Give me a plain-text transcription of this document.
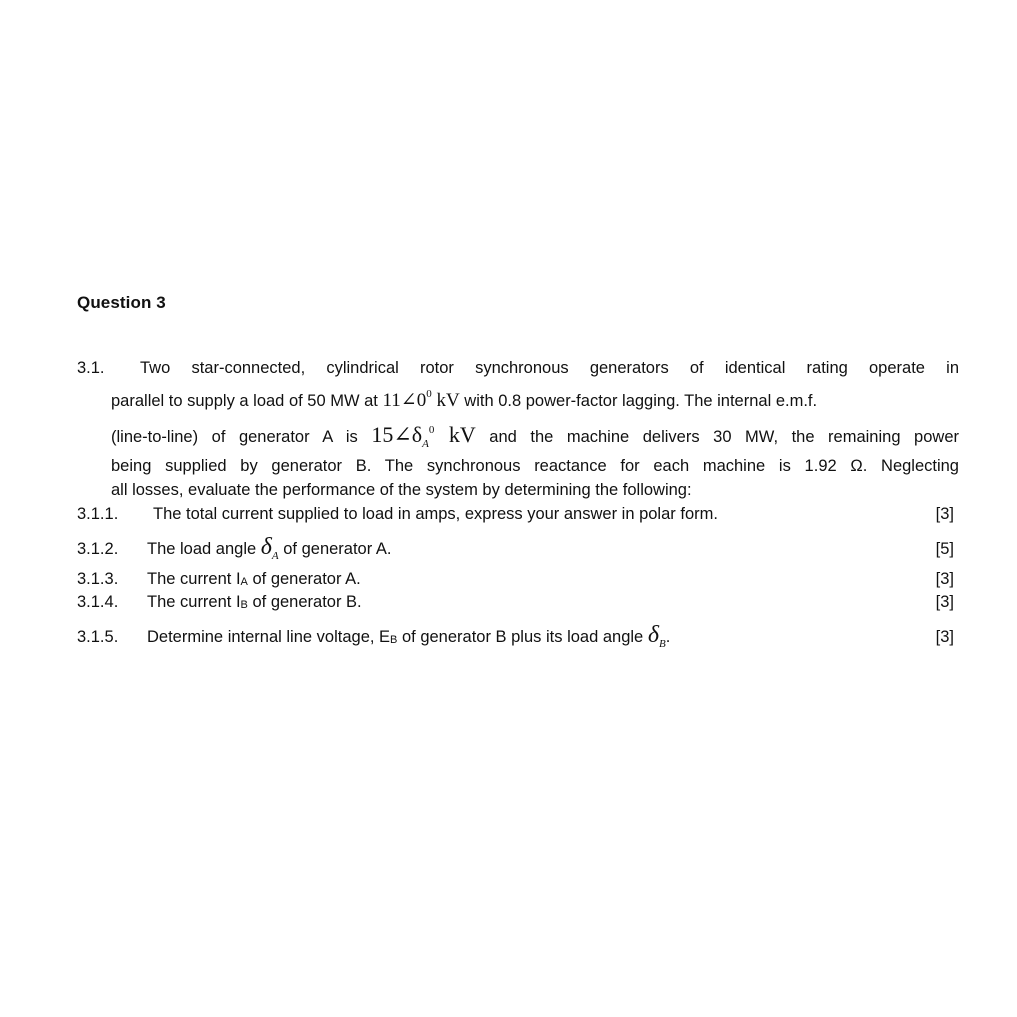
Question 3
3.1. Two star-connected, cylindrical rotor synchronous generators of identical rating operate in
parallel to supply a load of 50 MW at $11\angle 0^0$ kV with 0.8 power-factor lagging. The internal e.m.f.
(line-to-line) of generator A is $15\angle\delta_A^0$ kV and the machine delivers 30 MW, the remaining power
being supplied by generator B. The synchronous reactance for each machine is 1.92 Ω. Neglecting
all losses, evaluate the performance of the system by determining the following:
3.1.1. The total current supplied to load in amps, express your answer in polar form.	[3]
3.1.2. The load angle $\delta_A$ of generator A.	[5]
3.1.3. The current IA of generator A.	[3]
3.1.4. The current IB of generator B.	[3]
3.1.5. Determine internal line voltage, EB of generator B plus its load angle $\delta_B$.	[3]
